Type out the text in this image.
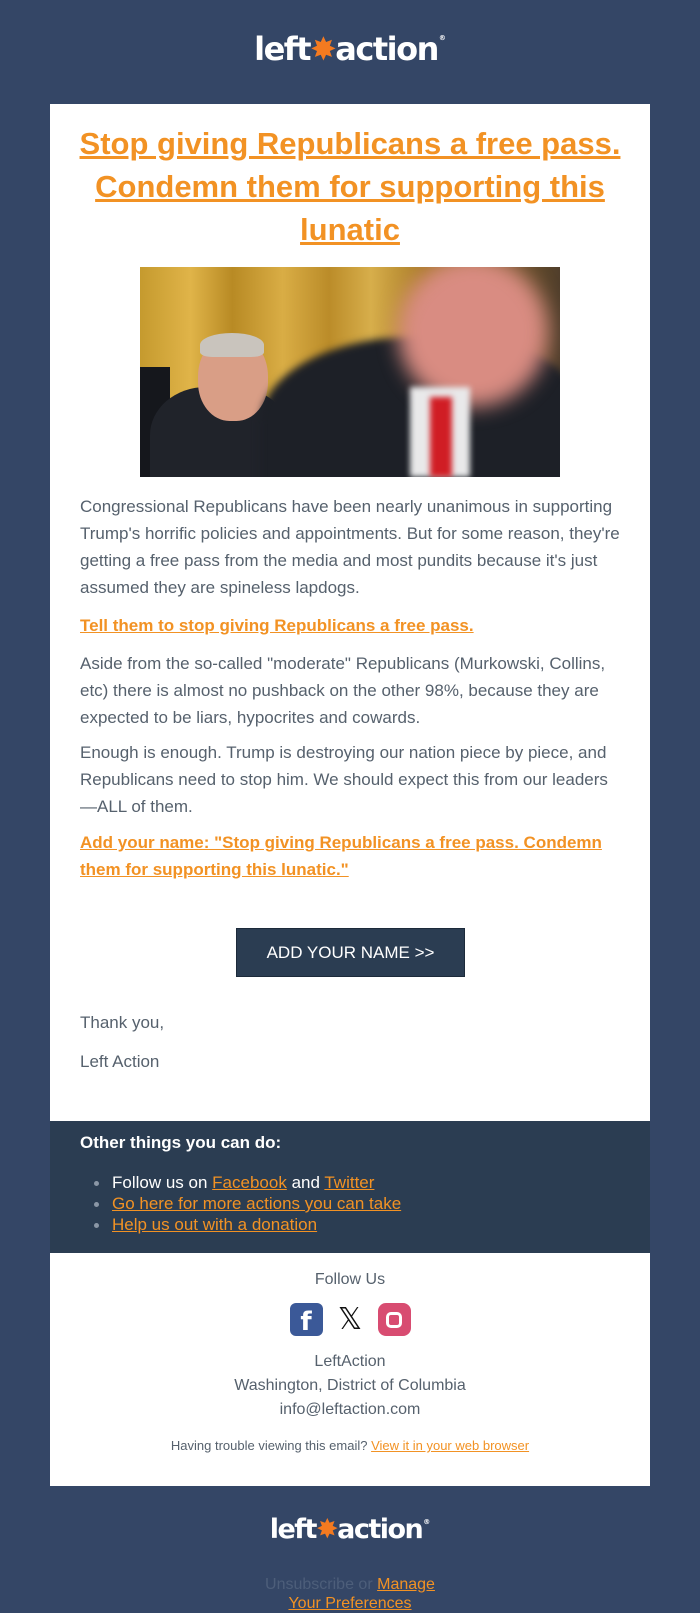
left ✸ action ®
Stop giving Republicans a free pass. Condemn them for supporting this lunatic

Congressional Republicans have been nearly unanimous in supporting Trump's horrific policies and appointments. But for some reason, they're getting a free pass from the media and most pundits because it's just assumed they are spineless lapdogs.

Tell them to stop giving Republicans a free pass.

Aside from the so-called "moderate" Republicans (Murkowski, Collins, etc) there is almost no pushback on the other 98%, because they are expected to be liars, hypocrites and cowards.

Enough is enough. Trump is destroying our nation piece by piece, and Republicans need to stop him. We should expect this from our leaders—ALL of them.

Add your name: "Stop giving Republicans a free pass. Condemn them for supporting this lunatic."

ADD YOUR NAME >>

Thank you,

Left Action

Other things you can do:
Follow us on Facebook and Twitter
Go here for more actions you can take
Help us out with a donation
Follow Us
f 𝕏
LeftAction
Washington, District of Columbia
info@leftaction.com
Having trouble viewing this email? View it in your web browser
left ✸ action ®
Unsubscribe or Manage
Your Preferences
